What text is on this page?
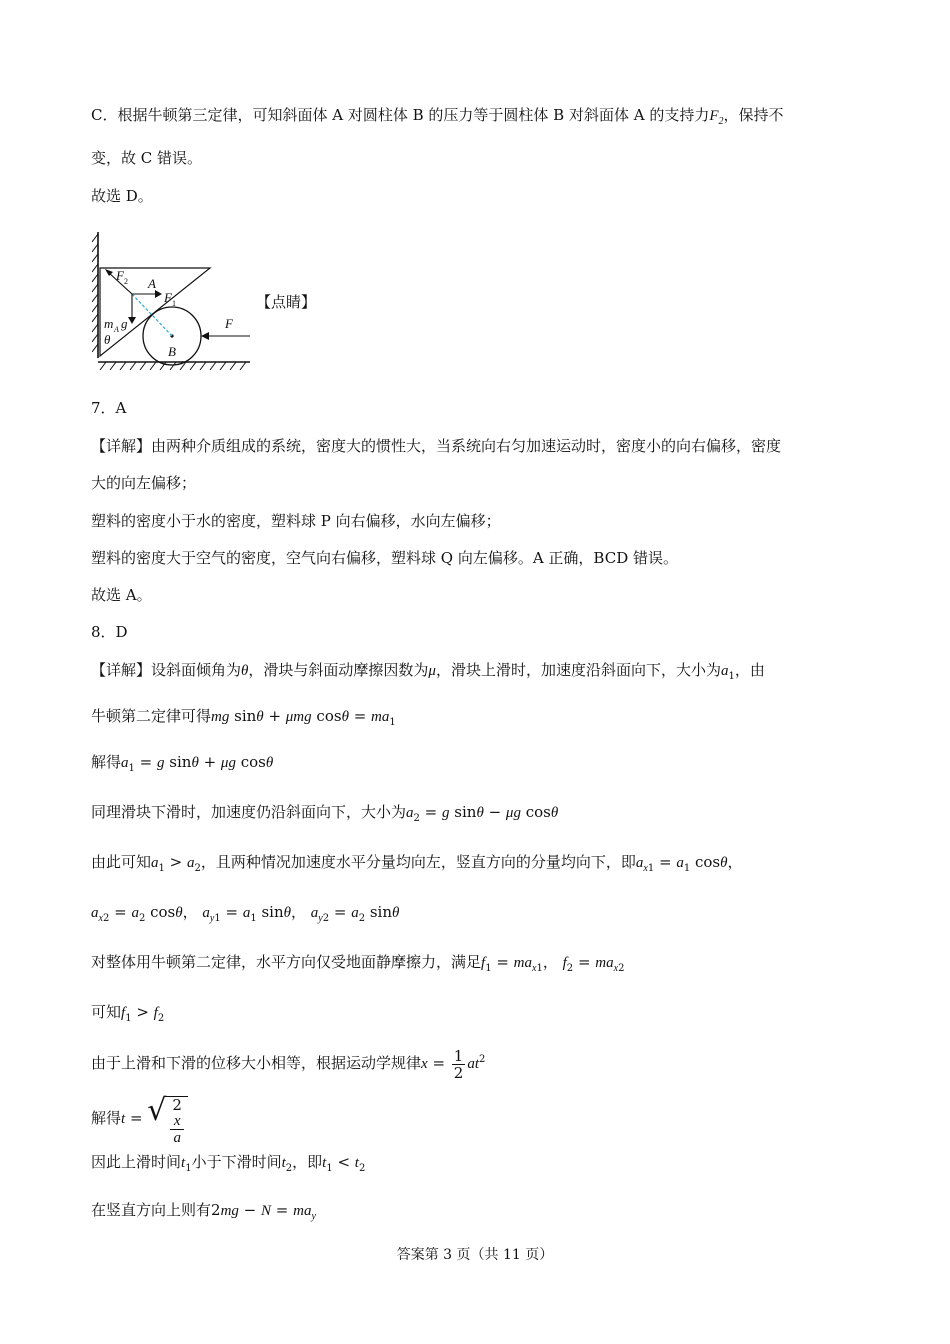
C．根据牛顿第三定律，可知斜面体 A 对圆柱体 B 的压力等于圆柱体 B 对斜面体 A 的支持力$F_2$，保持不
变，故 C 错误。
故选 D。
F 2 A
F 1
m A g
θ
B
F
【点睛】
7．A
【详解】由两种介质组成的系统，密度大的惯性大，当系统向右匀加速运动时，密度小的向右偏移，密度
大的向左偏移；
塑料的密度小于水的密度，塑料球 P 向右偏移，水向左偏移；
塑料的密度大于空气的密度，空气向右偏移，塑料球 Q 向左偏移。A 正确，BCD 错误。
故选 A。
8．D
【详解】设斜面倾角为θ，滑块与斜面动摩擦因数为μ，滑块上滑时，加速度沿斜面向下，大小为$a_1$，由
牛顿第二定律可得mg sinθ + μmg $\cos\theta = ma_1$
解得$a_1 = g$ sinθ + μg cosθ
同理滑块下滑时，加速度仍沿斜面向下，大小为$a_2 = g$ sinθ − μg cosθ
由此可知$a_1 > a_2$，且两种情况加速度水平分量均向左，竖直方向的分量均向下，即$a_{x1} = a_1$ cosθ，
$a_{x2} = a_2$ cosθ， $a_{y1} = a_1$ sinθ， $a_{y2} = a_2$ sinθ
对整体用牛顿第二定律，水平方向仅受地面静摩擦力，满足$f_1 = ma_{x1}$， $f_2 = ma_{x2}$
可知$f_1 > f_2$
由于上滑和下滑的位移大小相等，根据运动学规律$x = \frac{1}{2} at^2$
解得t = √ 2
x
a
因此上滑时间$t_1$小于下滑时间$t_2$，即$t_1 < t_2$
在竖直方向上则有$2mg - N = ma_y$
答案第 3 页（共 11 页）
